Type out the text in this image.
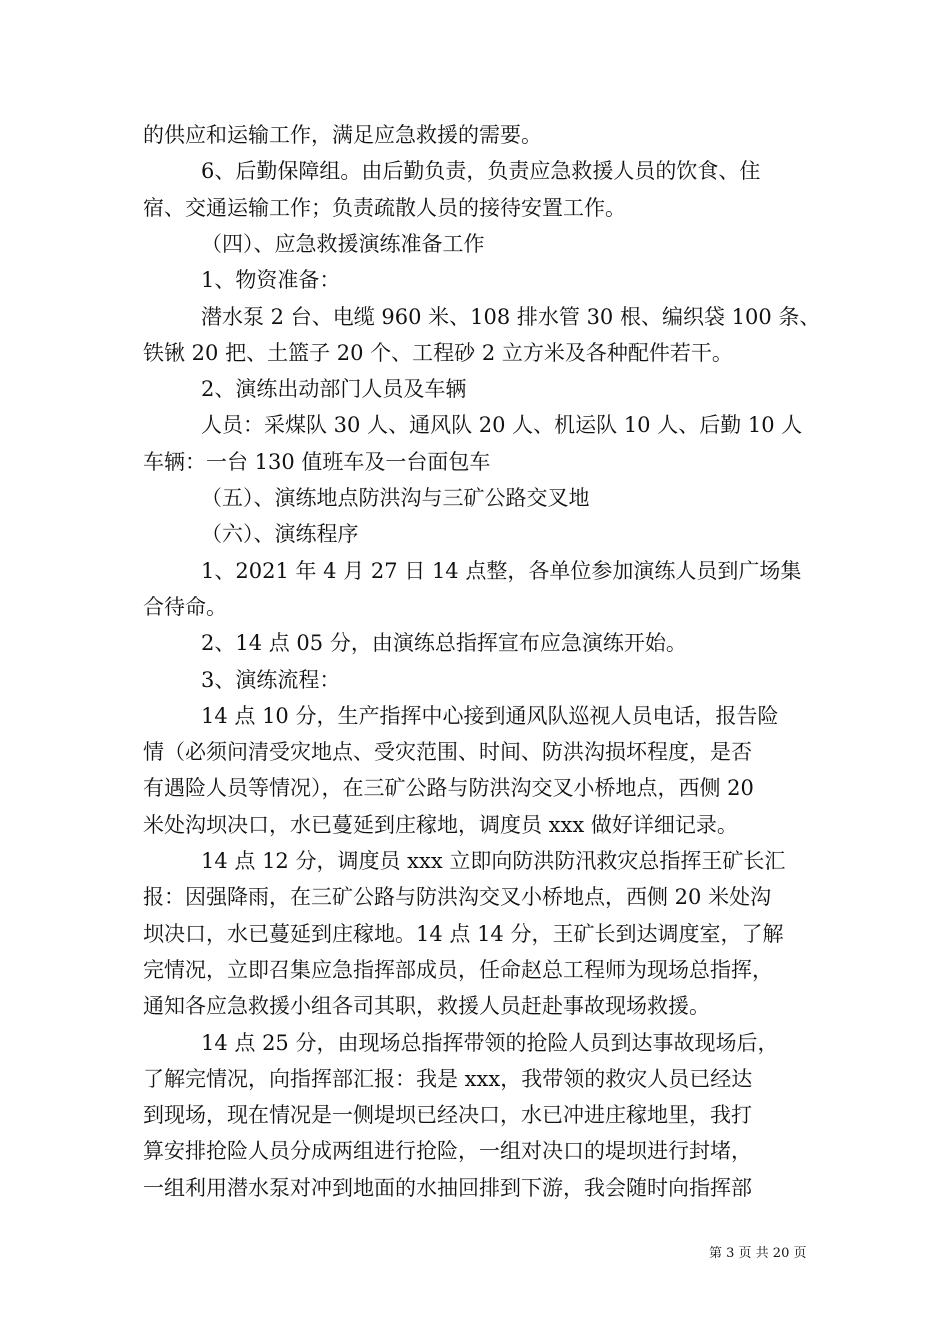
的供应和运输工作，满足应急救援的需要。
6、后勤保障组。由后勤负责，负责应急救援人员的饮食、住
宿、交通运输工作；负责疏散人员的接待安置工作。
（四）、应急救援演练准备工作
1、物资准备：
潜水泵 2 台、电缆 960 米、108 排水管 30 根、编织袋 100 条、
铁锹 20 把、土篮子 20 个、工程砂 2 立方米及各种配件若干。
2、演练出动部门人员及车辆
人员：采煤队 30 人、通风队 20 人、机运队 10 人、后勤 10 人
车辆：一台 130 值班车及一台面包车
（五）、演练地点防洪沟与三矿公路交叉地
（六）、演练程序
1、2021 年 4 月 27 日 14 点整，各单位参加演练人员到广场集
合待命。
2、14 点 05 分，由演练总指挥宣布应急演练开始。
3、演练流程：
14 点 10 分，生产指挥中心接到通风队巡视人员电话，报告险
情（必须问清受灾地点、受灾范围、时间、防洪沟损坏程度，是否
有遇险人员等情况），在三矿公路与防洪沟交叉小桥地点，西侧 20
米处沟坝决口，水已蔓延到庄稼地，调度员 xxx 做好详细记录。
14 点 12 分，调度员 xxx 立即向防洪防汛救灾总指挥王矿长汇
报：因强降雨，在三矿公路与防洪沟交叉小桥地点，西侧 20 米处沟
坝决口，水已蔓延到庄稼地。14 点 14 分，王矿长到达调度室，了解
完情况，立即召集应急指挥部成员，任命赵总工程师为现场总指挥，
通知各应急救援小组各司其职，救援人员赶赴事故现场救援。
14 点 25 分，由现场总指挥带领的抢险人员到达事故现场后，
了解完情况，向指挥部汇报：我是 xxx，我带领的救灾人员已经达
到现场，现在情况是一侧堤坝已经决口，水已冲进庄稼地里，我打
算安排抢险人员分成两组进行抢险，一组对决口的堤坝进行封堵，
一组利用潜水泵对冲到地面的水抽回排到下游，我会随时向指挥部
第 3 页 共 20 页
